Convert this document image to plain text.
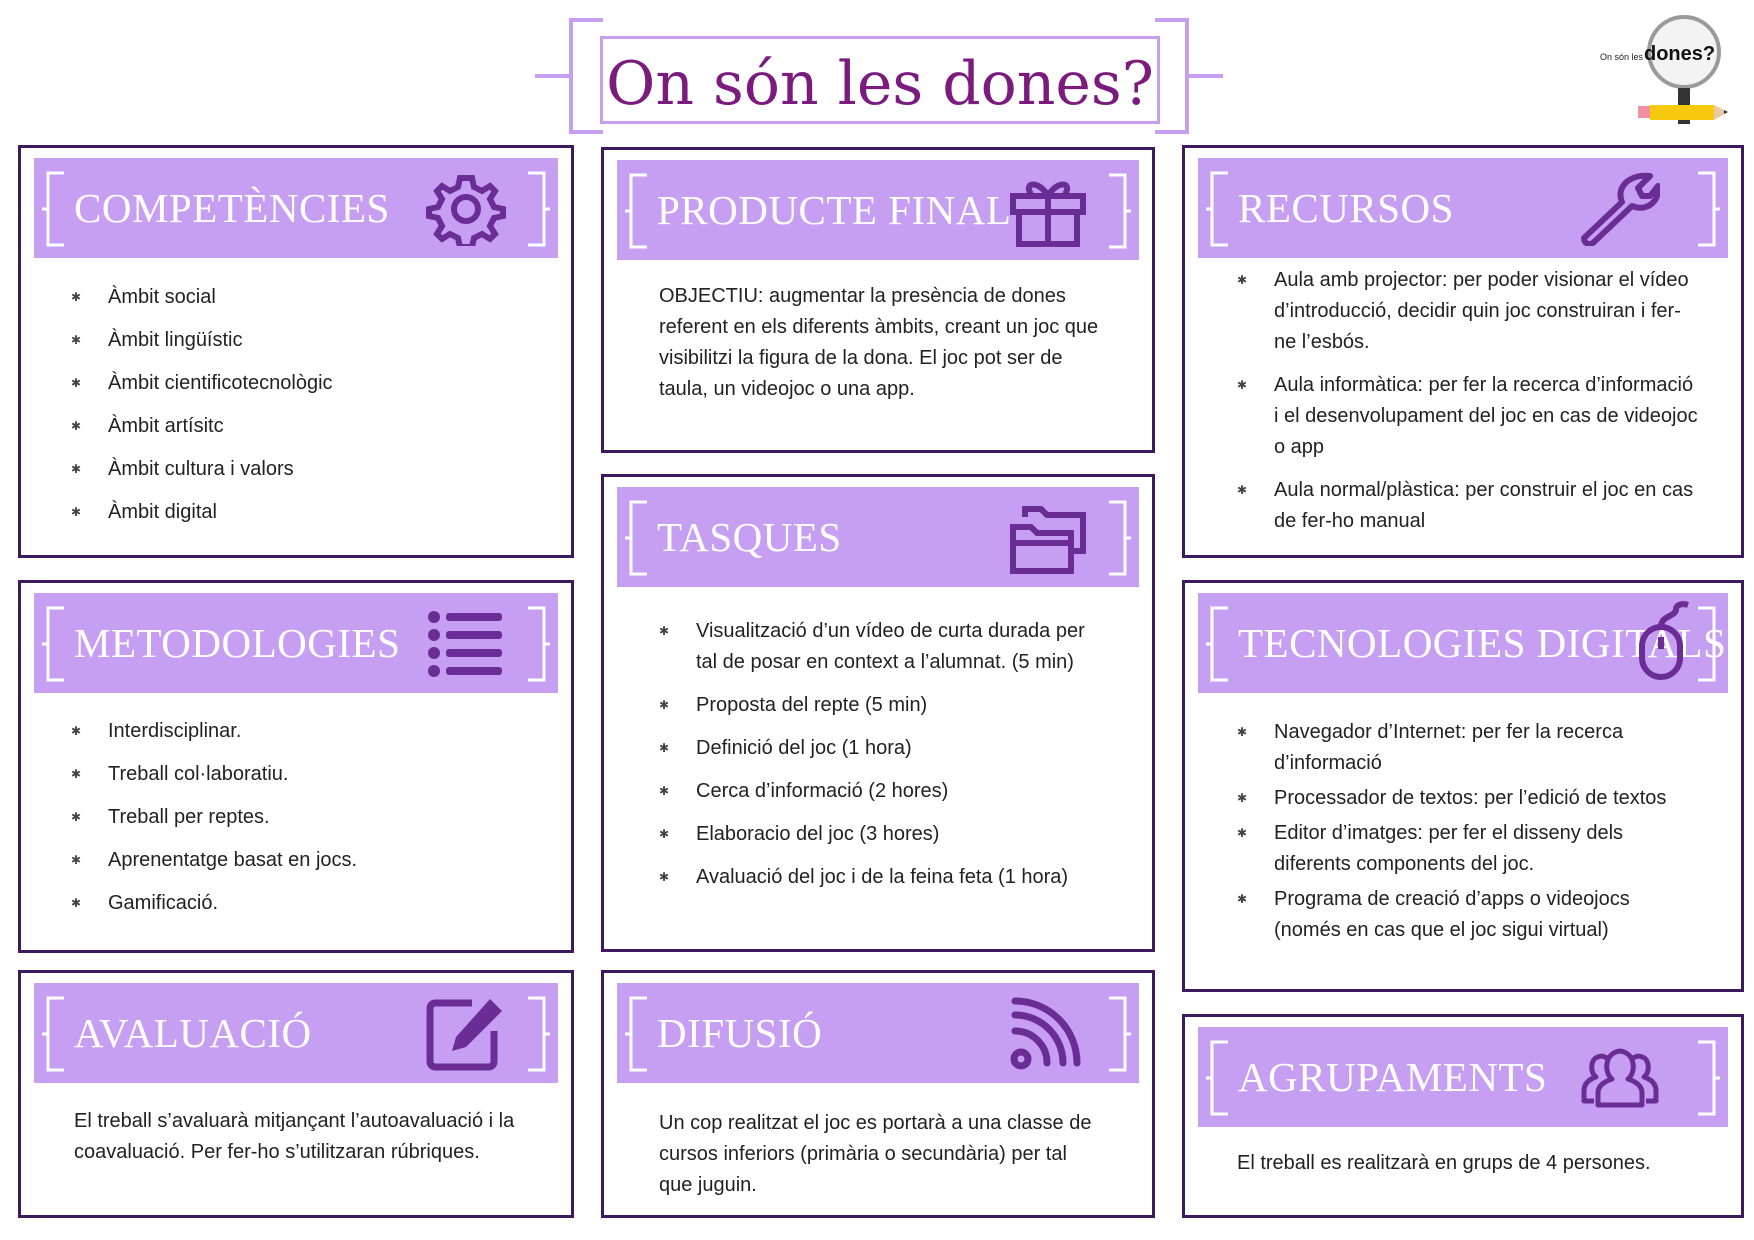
On són les dones?	On són les dones?
COMPETÈNCIES
✱ Àmbit social
✱ Àmbit lingüístic
✱ Àmbit cientificotecnològic
✱ Àmbit artísitc
✱ Àmbit cultura i valors
✱ Àmbit digital
METODOLOGIES
✱ Interdisciplinar.
✱ Treball col·laboratiu.
✱ Treball per reptes.
✱ Aprenentatge basat en jocs.
✱ Gamificació.
AVALUACIÓ
El treball s’avaluarà mitjançant l’autoavaluació i la coavaluació. Per fer-ho s’utilitzaran rúbriques.
PRODUCTE FINAL
OBJECTIU: augmentar la presència de dones referent en els diferents àmbits, creant un joc que visibilitzi la figura de la dona. El joc pot ser de taula, un videojoc o una app.
TASQUES
✱ Visualització d’un vídeo de curta durada per tal de posar en context a l’alumnat. (5 min)
✱ Proposta del repte (5 min)
✱ Definició del joc (1 hora)
✱ Cerca d’informació (2 hores)
✱ Elaboracio del joc (3 hores)
✱ Avaluació del joc i de la feina feta (1 hora)
DIFUSIÓ
Un cop realitzat el joc es portarà a una classe de cursos inferiors (primària o secundària) per tal que juguin.
RECURSOS
✱ Aula amb projector: per poder visionar el vídeo d’introducció, decidir quin joc construiran i fer-ne l’esbós.
✱ Aula informàtica: per fer la recerca d’informació i el desenvolupament del joc en cas de videojoc o app
✱ Aula normal/plàstica: per construir el joc en cas de fer-ho manual
TECNOLOGIES DIGITALS
✱ Navegador d’Internet: per fer la recerca d’informació
✱ Processador de textos: per l’edició de textos
✱ Editor d’imatges: per fer el disseny dels diferents components del joc.
✱ Programa de creació d’apps o videojocs (només en cas que el joc sigui virtual)
AGRUPAMENTS
El treball es realitzarà en grups de 4 persones.
